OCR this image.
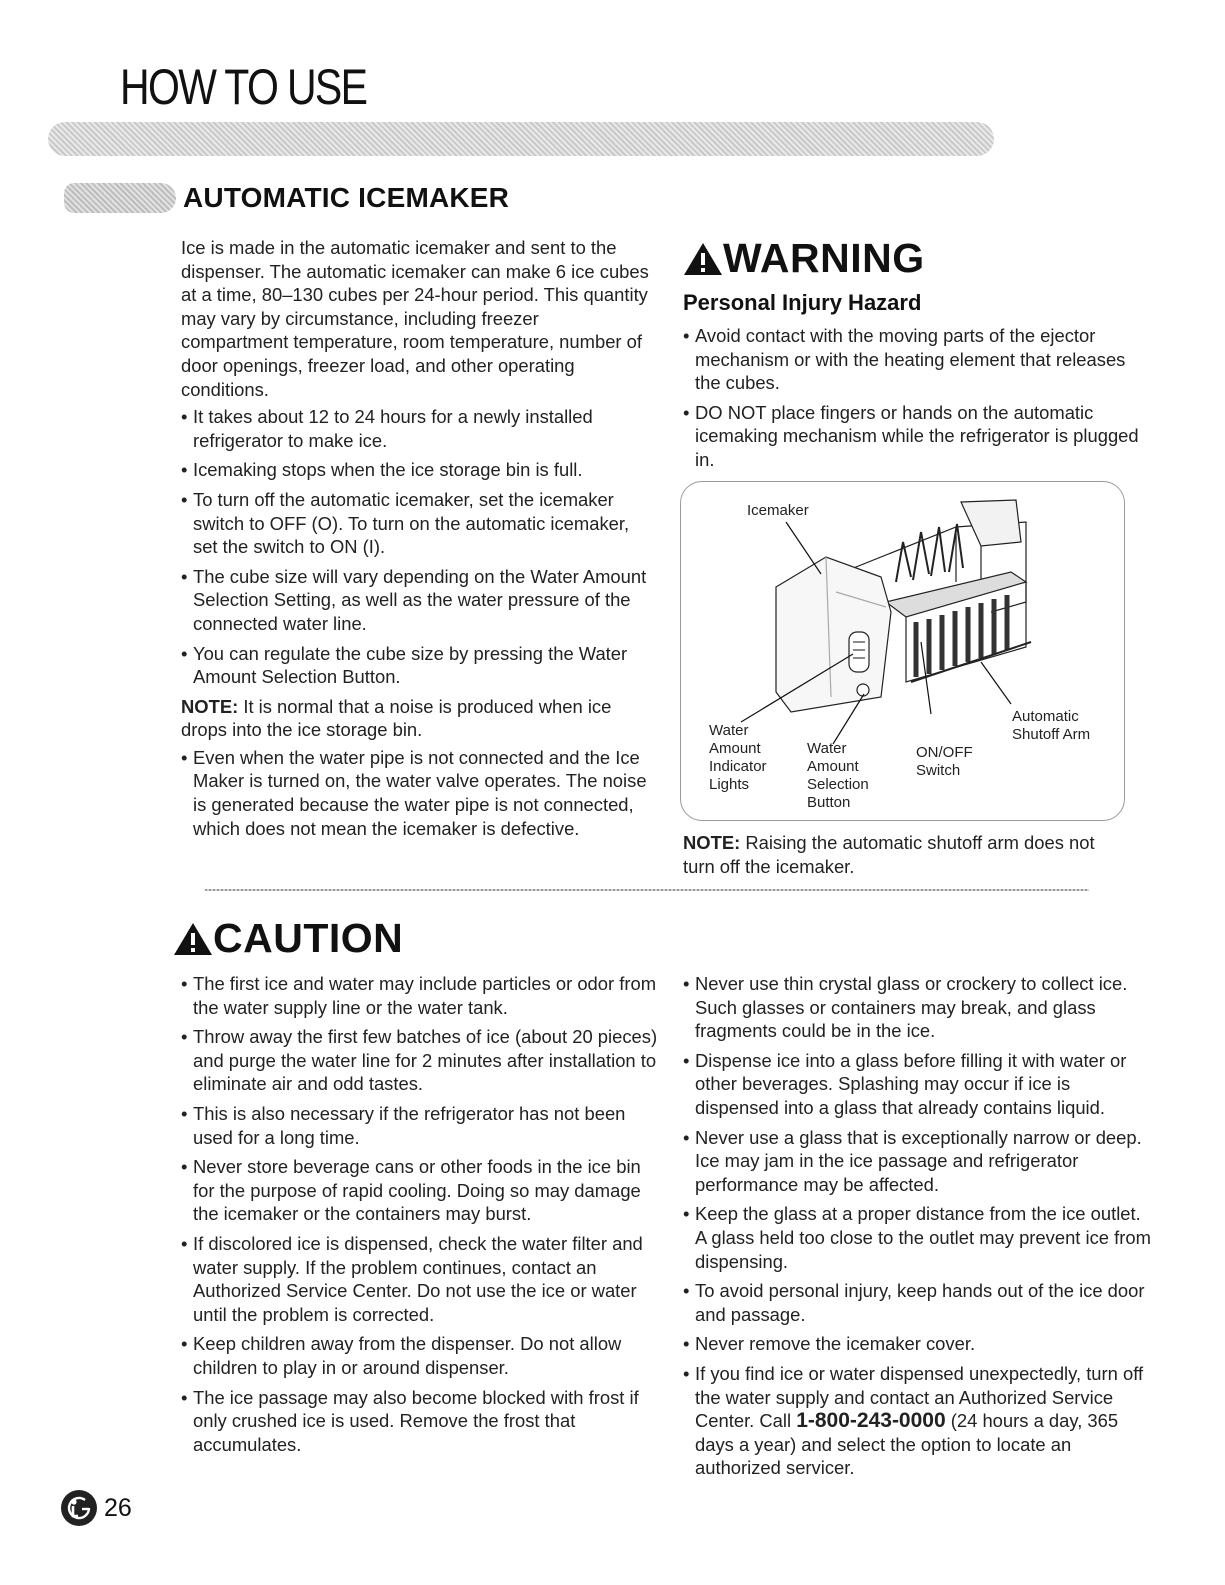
HOW TO USE
AUTOMATIC ICEMAKER

Ice is made in the automatic icemaker and sent to the dispenser. The automatic icemaker can make 6 ice cubes at a time, 80–130 cubes per 24-hour period. This quantity may vary by circumstance, including freezer compartment temperature, room temperature, number of door openings, freezer load, and other operating conditions.

• It takes about 12 to 24 hours for a newly installed refrigerator to make ice.
• Icemaking stops when the ice storage bin is full.
• To turn off the automatic icemaker, set the icemaker switch to OFF (O). To turn on the automatic icemaker, set the switch to ON (I).
• The cube size will vary depending on the Water Amount Selection Setting, as well as the water pressure of the connected water line.
• You can regulate the cube size by pressing the Water Amount Selection Button.

NOTE: It is normal that a noise is produced when ice drops into the ice storage bin.

• Even when the water pipe is not connected and the Ice Maker is turned on, the water valve operates. The noise is generated because the water pipe is not connected, which does not mean the icemaker is defective.
WARNING
Personal Injury Hazard
• Avoid contact with the moving parts of the ejector mechanism or with the heating element that releases the cubes.
• DO NOT place fingers or hands on the automatic icemaking mechanism while the refrigerator is plugged in.
Icemaker
Water
Amount
Indicator
Lights
Water
Amount
Selection
Button
ON/OFF
Switch
Automatic
Shutoff Arm

NOTE: Raising the automatic shutoff arm does not turn off the icemaker.

CAUTION
• The first ice and water may include particles or odor from the water supply line or the water tank.
• Throw away the first few batches of ice (about 20 pieces) and purge the water line for 2 minutes after installation to eliminate air and odd tastes.
• This is also necessary if the refrigerator has not been used for a long time.
• Never store beverage cans or other foods in the ice bin for the purpose of rapid cooling. Doing so may damage the icemaker or the containers may burst.
• If discolored ice is dispensed, check the water filter and water supply. If the problem continues, contact an Authorized Service Center. Do not use the ice or water until the problem is corrected.
• Keep children away from the dispenser. Do not allow children to play in or around dispenser.
• The ice passage may also become blocked with frost if only crushed ice is used. Remove the frost that accumulates.
• Never use thin crystal glass or crockery to collect ice. Such glasses or containers may break, and glass fragments could be in the ice.
• Dispense ice into a glass before filling it with water or other beverages. Splashing may occur if ice is dispensed into a glass that already contains liquid.
• Never use a glass that is exceptionally narrow or deep. Ice may jam in the ice passage and refrigerator performance may be affected.
• Keep the glass at a proper distance from the ice outlet. A glass held too close to the outlet may prevent ice from dispensing.
• To avoid personal injury, keep hands out of the ice door and passage.
• Never remove the icemaker cover.
• If you find ice or water dispensed unexpectedly, turn off the water supply and contact an Authorized Service Center. Call 1-800-243-0000 (24 hours a day, 365 days a year) and select the option to locate an authorized servicer.
26
